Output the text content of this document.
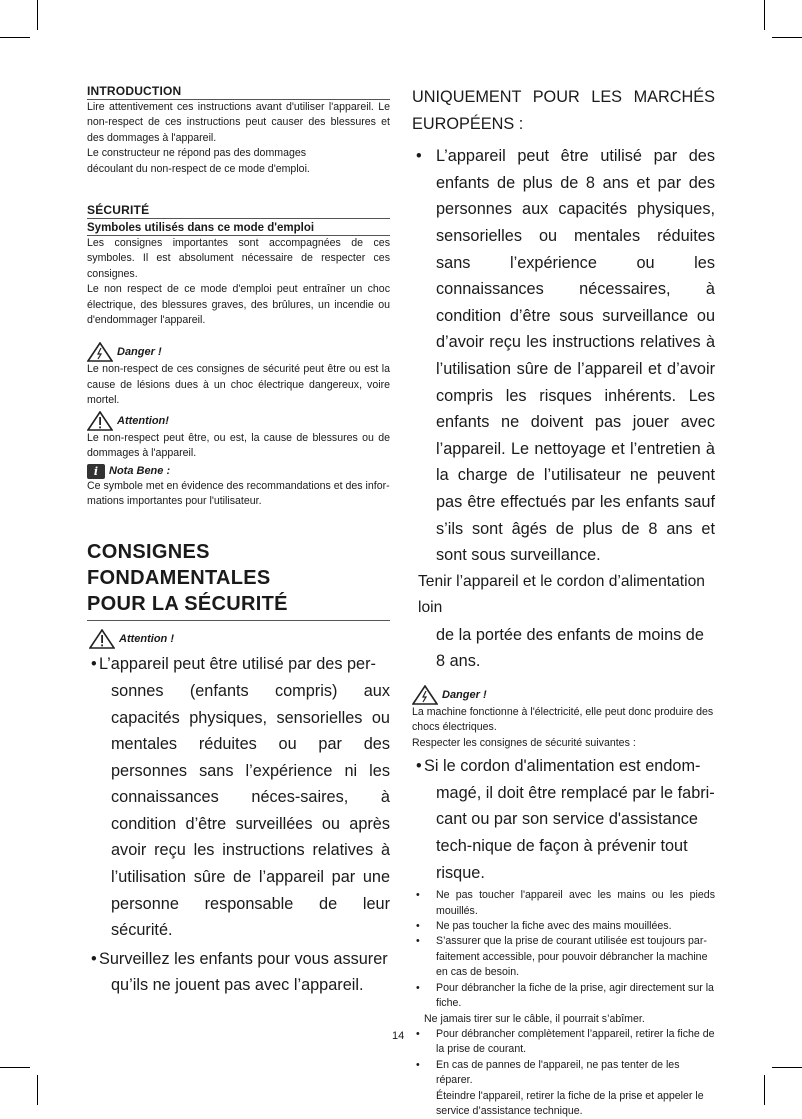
INTRODUCTION

Lire attentivement ces instructions avant d'utiliser l'appareil. Le non-respect de ces instructions peut causer des blessures et des dommages à l'appareil.

Le constructeur ne répond pas des dommages

découlant du non-respect de ce mode d'emploi.

SÉCURITÉ
Symboles utilisés dans ce mode d'emploi

Les consignes importantes sont accompagnées de ces symboles. Il est absolument nécessaire de respecter ces consignes.

Le non respect de ce mode d'emploi peut entraîner un choc électrique, des blessures graves, des brûlures, un incendie ou d'endommager l'appareil.

Danger !

Le non-respect de ces consignes de sécurité peut être ou est la cause de lésions dues à un choc électrique dangereux, voire mortel.

Attention!

Le non-respect peut être, ou est, la cause de blessures ou de dommages à l'appareil.

i Nota Bene :

Ce symbole met en évidence des recommandations et des infor-mations importantes pour l'utilisateur.

CONSIGNES FONDAMENTALES
POUR LA SÉCURITÉ
Attention !
• L’appareil peut être utilisé par des per-
sonnes (enfants compris) aux capacités physiques, sensorielles ou mentales réduites ou par des personnes sans l’expérience ni les connaissances néces-saires, à condition d’être surveillées ou après avoir reçu les instructions relatives à l’utilisation sûre de l’appareil par une personne responsable de leur sécurité.
• Surveillez les enfants pour vous assurer
qu’ils ne jouent pas avec l’appareil.

UNIQUEMENT POUR LES MARCHÉS EUROPÉENS :

• L’appareil peut être utilisé par des enfants de plus de 8 ans et par des personnes aux capacités physiques, sensorielles ou mentales réduites sans l’expérience ou les connaissances nécessaires, à condition d’être sous surveillance ou d’avoir reçu les instructions relatives à l’utilisation sûre de l’appareil et d’avoir compris les risques inhérents. Les enfants ne doivent pas jouer avec l’appareil. Le nettoyage et l’entretien à la charge de l’utilisateur ne peuvent pas être effectués par les enfants sauf s’ils sont âgés de plus de 8 ans et sont sous surveillance.

Tenir l’appareil et le cordon d’alimentation loin

de la portée des enfants de moins de 8 ans.

Danger !

La machine fonctionne à l'électricité, elle peut donc produire des chocs électriques.

Respecter les consignes de sécurité suivantes :

• Si le cordon d'alimentation est endom-
magé, il doit être remplacé par le fabri-cant ou par son service d'assistance tech-nique de façon à prévenir tout risque.

• Ne pas toucher l'appareil avec les mains ou les pieds mouillés.

• Ne pas toucher la fiche avec des mains mouillées.

• S’assurer que la prise de courant utilisée est toujours par-faitement accessible, pour pouvoir débrancher la machine en cas de besoin.

• Pour débrancher la fiche de la prise, agir directement sur la fiche.

Ne jamais tirer sur le câble, il pourrait s’abîmer.

• Pour débrancher complètement l’appareil, retirer la fiche de la prise de courant.

• En cas de pannes de l'appareil, ne pas tenter de les réparer.

Éteindre l'appareil, retirer la fiche de la prise et appeler le service d’assistance technique.

14
